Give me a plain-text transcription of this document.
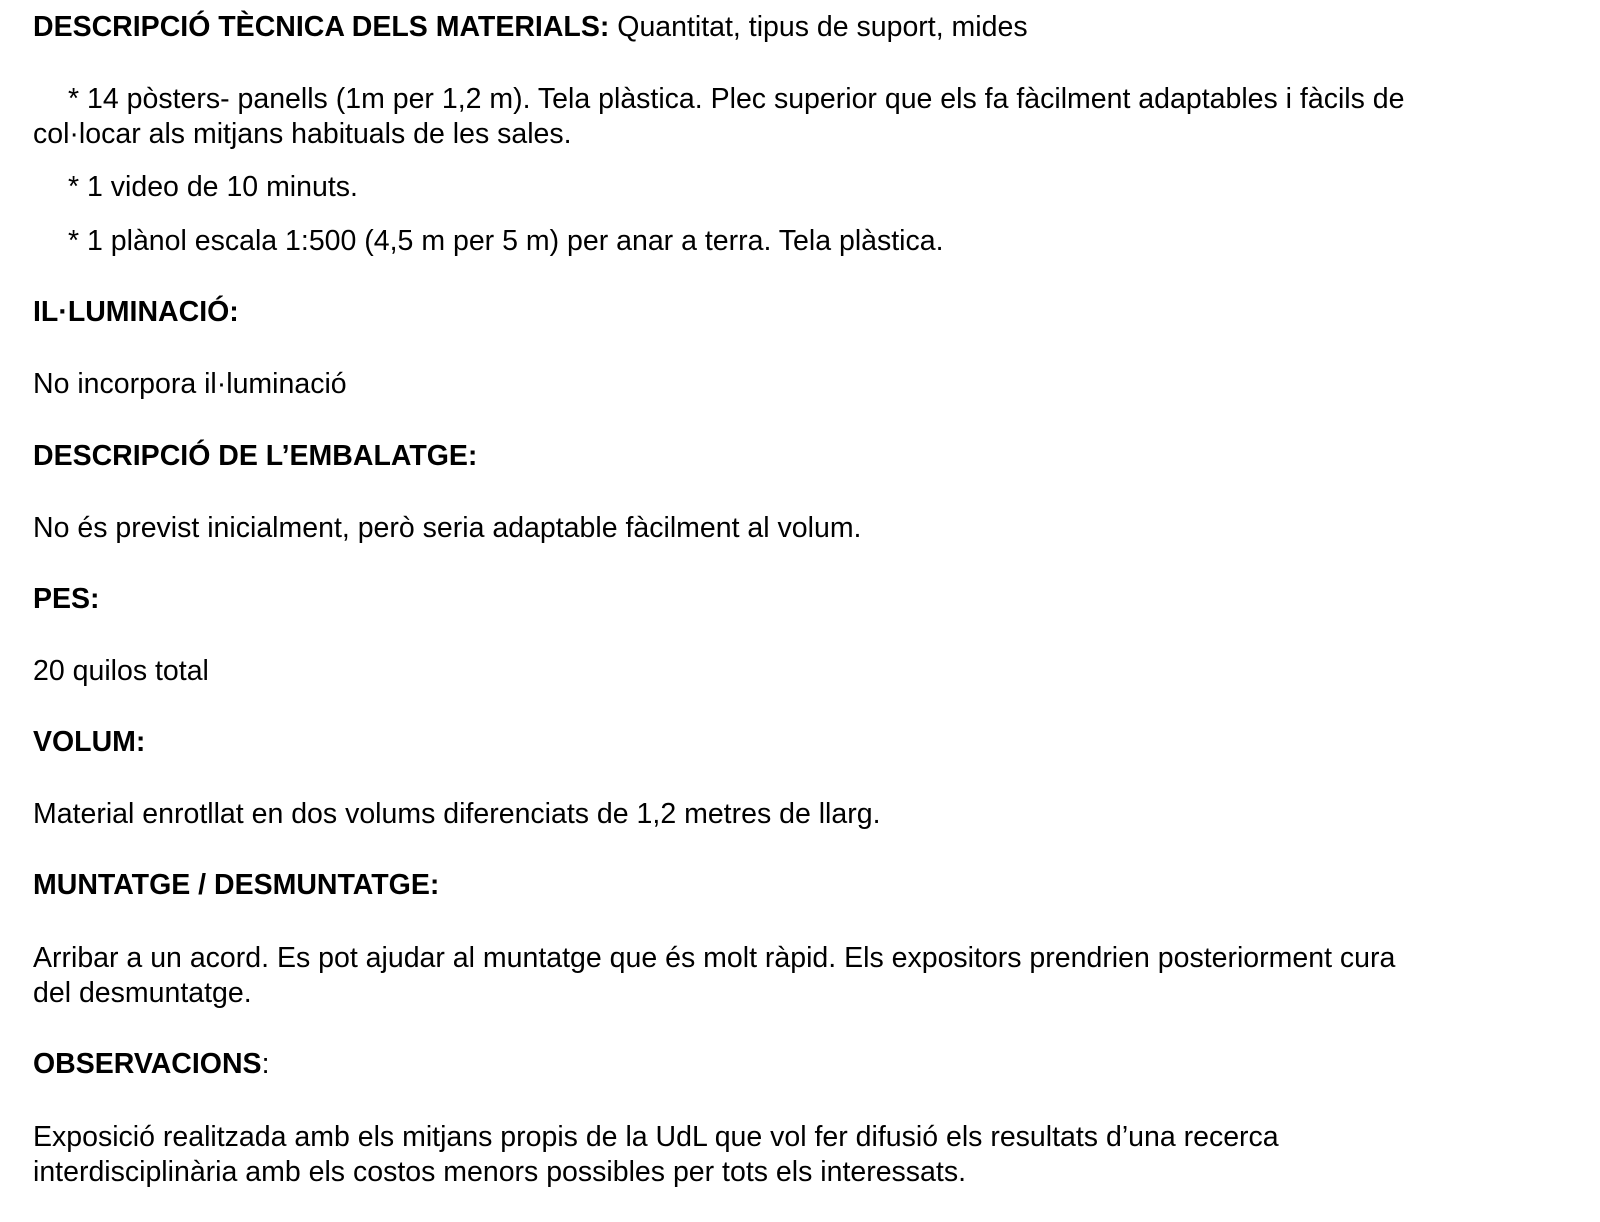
DESCRIPCIÓ TÈCNICA DELS MATERIALS: Quantitat, tipus de suport, mides
* 14 pòsters- panells (1m per 1,2 m). Tela plàstica. Plec superior que els fa fàcilment adaptables i fàcils de
col·locar als mitjans habituals de les sales.
* 1 video de 10 minuts.
* 1 plànol escala 1:500 (4,5 m per 5 m) per anar a terra. Tela plàstica.
IL·LUMINACIÓ:
No incorpora il·luminació
DESCRIPCIÓ DE L’EMBALATGE:
No és previst inicialment, però seria adaptable fàcilment al volum.
PES:
20 quilos total
VOLUM:
Material enrotllat en dos volums diferenciats de 1,2 metres de llarg.
MUNTATGE / DESMUNTATGE:
Arribar a un acord. Es pot ajudar al muntatge que és molt ràpid. Els expositors prendrien posteriorment cura
del desmuntatge.
OBSERVACIONS:
Exposició realitzada amb els mitjans propis de la UdL que vol fer difusió els resultats d’una recerca
interdisciplinària amb els costos menors possibles per tots els interessats.
